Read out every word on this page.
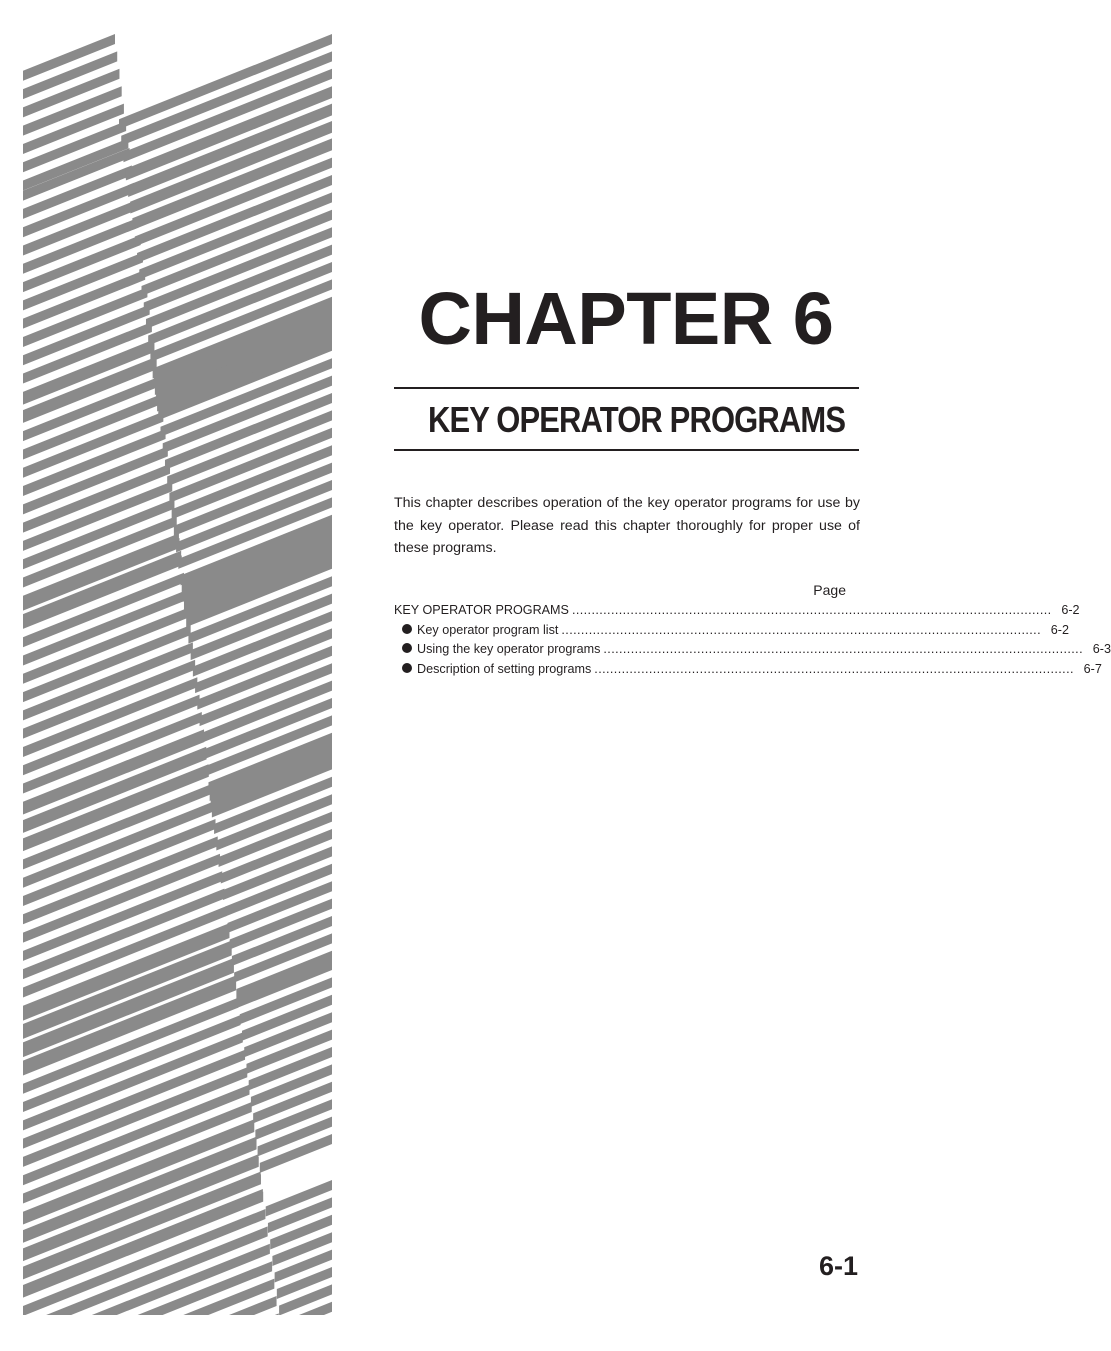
CHAPTER 6
KEY OPERATOR PROGRAMS

This chapter describes operation of the key operator programs for use by the key operator. Please read this chapter thoroughly for proper use of these programs.

Page
KEY OPERATOR PROGRAMS ........................................................................................................................... 6-2
Key operator program list ........................................................................................................................... 6-2
Using the key operator programs ........................................................................................................................... 6-3
Description of setting programs ........................................................................................................................... 6-7

6-1
